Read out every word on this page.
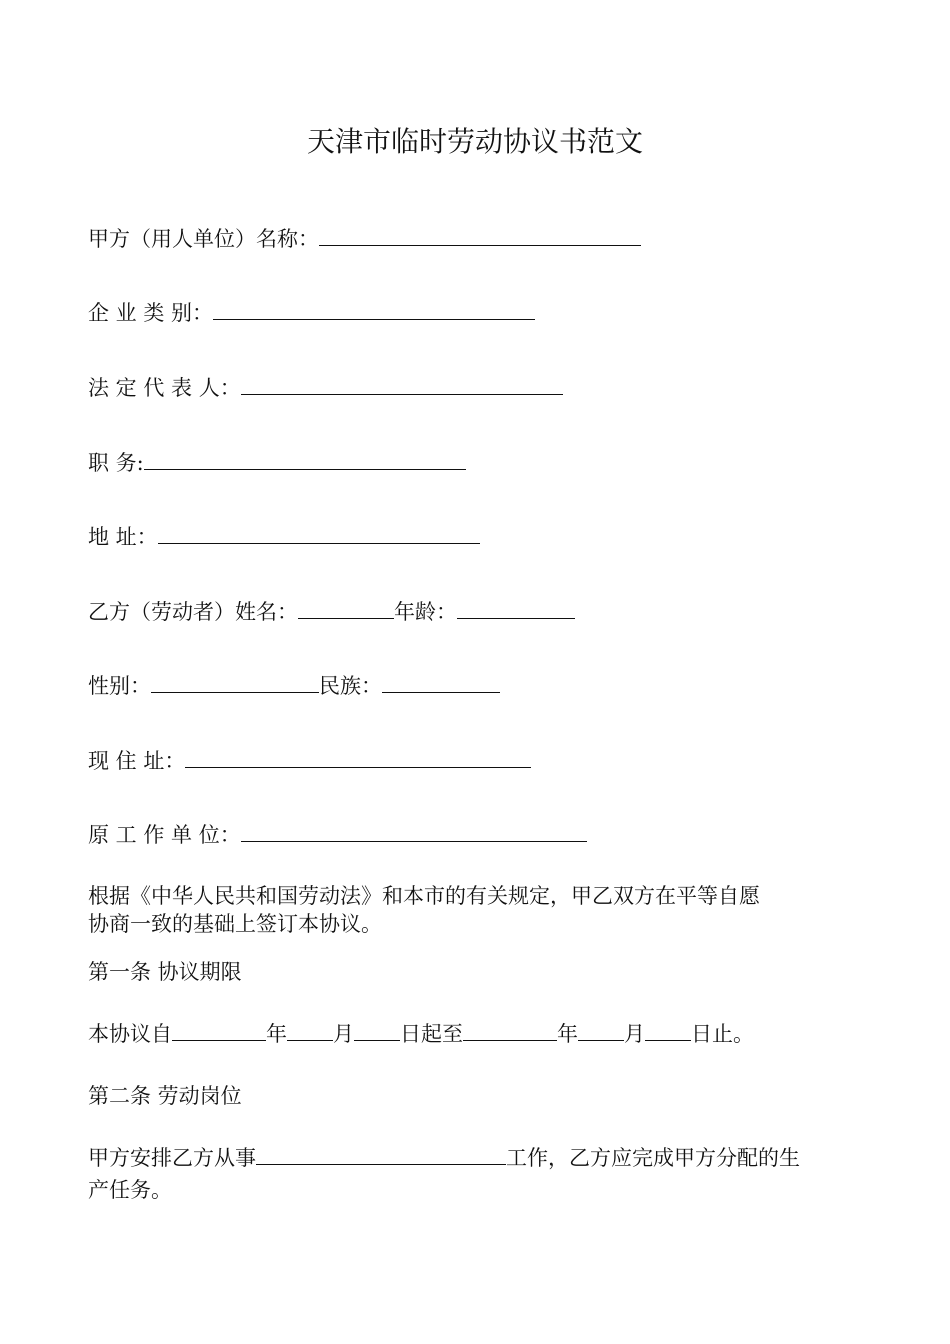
天津市临时劳动协议书范文
甲方（用人单位）名称：
企 业 类 别：
法 定 代 表 人：
职 务:
地 址：
乙方（劳动者）姓名：	年龄：
性别：	民族：
现 住 址：
原 工 作 单 位：
根据《中华人民共和国劳动法》和本市的有关规定，甲乙双方在平等自愿
协商一致的基础上签订本协议。
第一条 协议期限
本协议自	年 月 日起至	年 月 日止。
第二条 劳动岗位
甲方安排乙方从事	工作，乙方应完成甲方分配的生
产任务。
